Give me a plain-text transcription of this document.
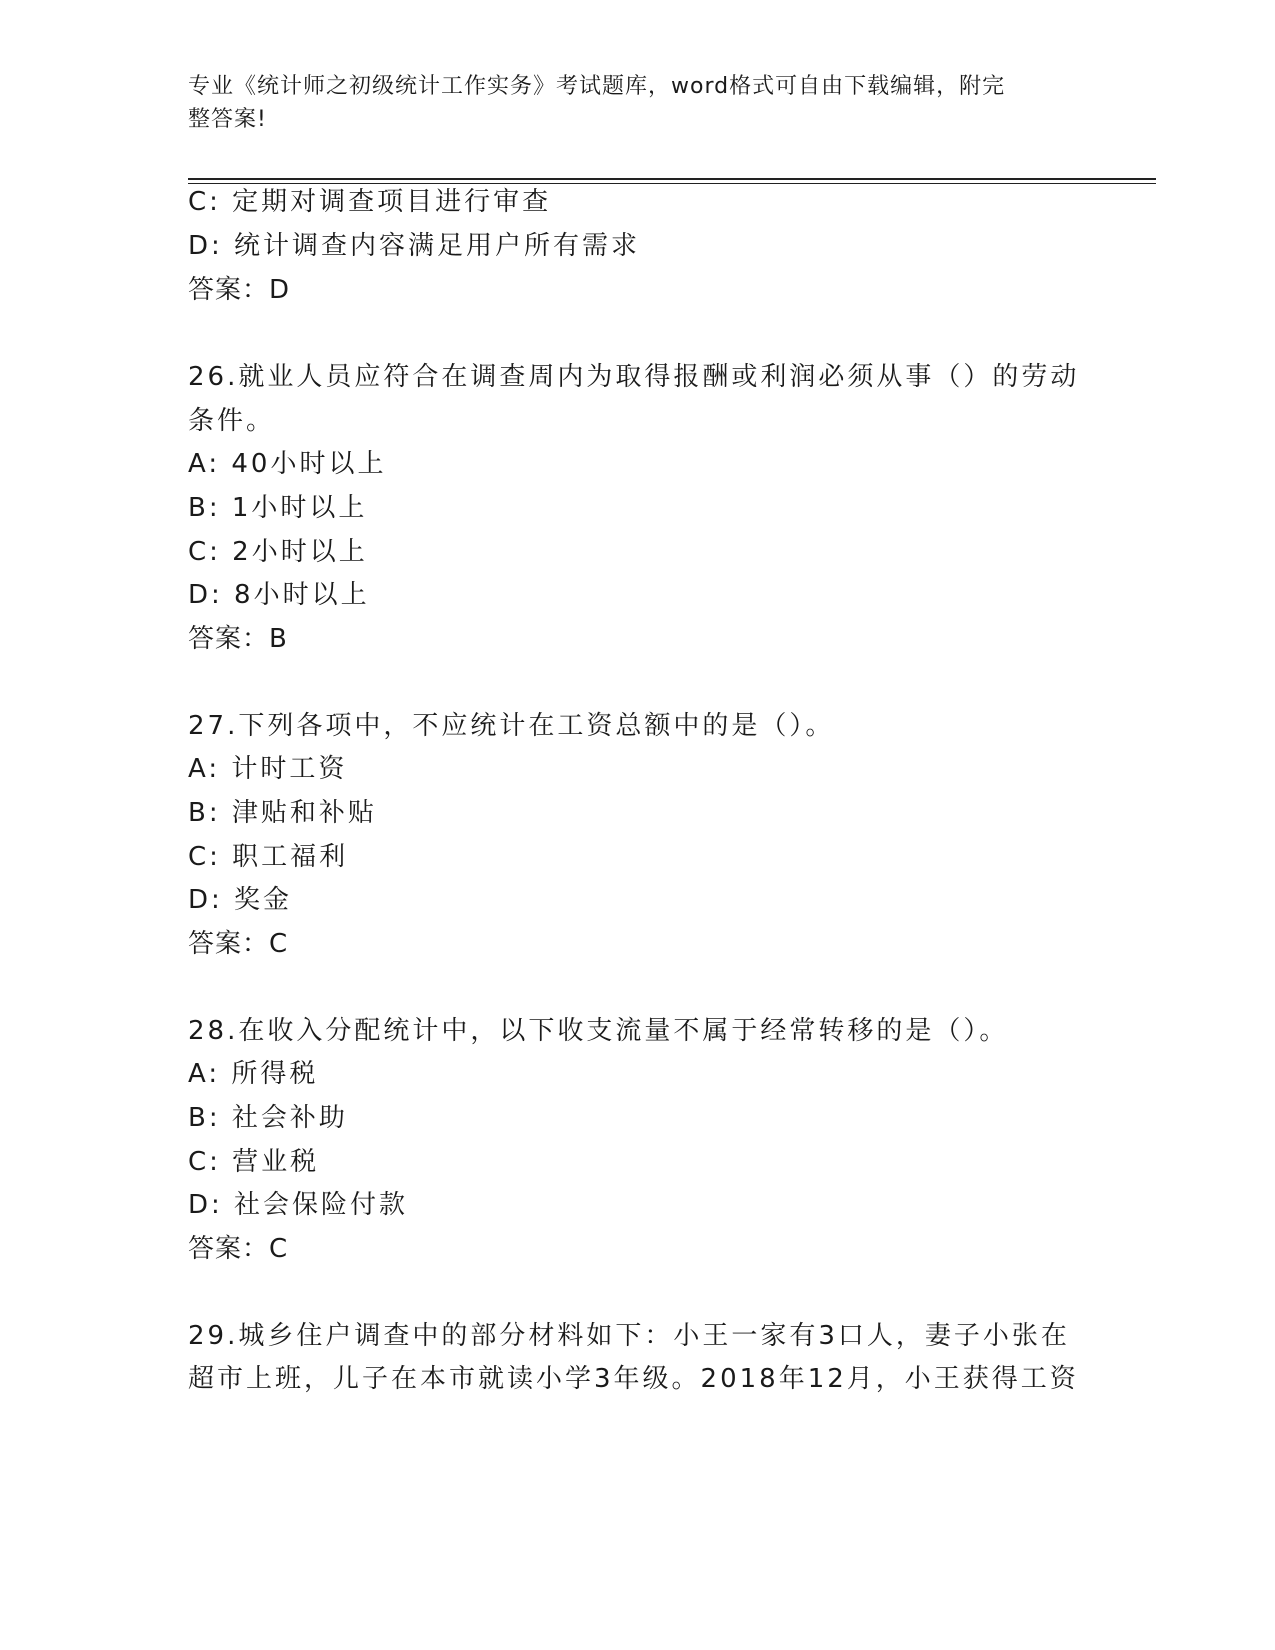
专业《统计师之初级统计工作实务》考试题库，word格式可自由下载编辑，附完
整答案!
C: 定期对调查项目进行审查
D: 统计调查内容满足用户所有需求
答案：D
26.就业人员应符合在调查周内为取得报酬或利润必须从事（）的劳动
条件。
A: 40小时以上
B: 1小时以上
C: 2小时以上
D: 8小时以上
答案：B
27.下列各项中，不应统计在工资总额中的是（）。
A: 计时工资
B: 津贴和补贴
C: 职工福利
D: 奖金
答案：C
28.在收入分配统计中，以下收支流量不属于经常转移的是（）。
A: 所得税
B: 社会补助
C: 营业税
D: 社会保险付款
答案：C
29.城乡住户调查中的部分材料如下：小王一家有3口人，妻子小张在
超市上班，儿子在本市就读小学3年级。2018年12月，小王获得工资
